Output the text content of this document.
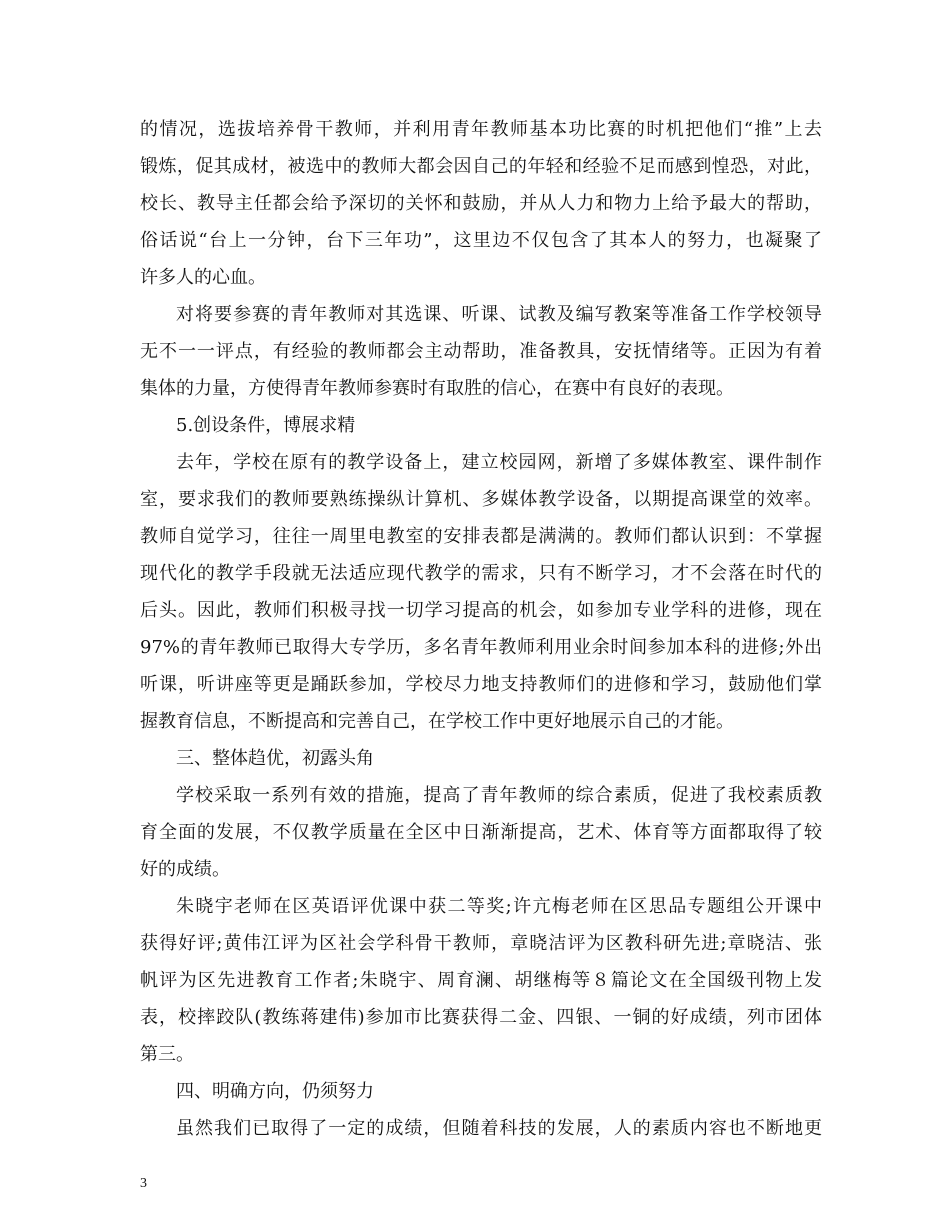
的情况，选拔培养骨干教师，并利用青年教师基本功比赛的时机把他们“推”上去
锻炼，促其成材，被选中的教师大都会因自己的年轻和经验不足而感到惶恐，对此，
校长、教导主任都会给予深切的关怀和鼓励，并从人力和物力上给予最大的帮助，
俗话说“台上一分钟，台下三年功”，这里边不仅包含了其本人的努力，也凝聚了
许多人的心血。
对将要参赛的青年教师对其选课、听课、试教及编写教案等准备工作学校领导
无不一一评点，有经验的教师都会主动帮助，准备教具，安抚情绪等。正因为有着
集体的力量，方使得青年教师参赛时有取胜的信心，在赛中有良好的表现。
5.创设条件，博展求精
去年，学校在原有的教学设备上，建立校园网，新增了多媒体教室、课件制作
室，要求我们的教师要熟练操纵计算机、多媒体教学设备，以期提高课堂的效率。
教师自觉学习，往往一周里电教室的安排表都是满满的。教师们都认识到：不掌握
现代化的教学手段就无法适应现代教学的需求，只有不断学习，才不会落在时代的
后头。因此，教师们积极寻找一切学习提高的机会，如参加专业学科的进修，现在
97%的青年教师已取得大专学历，多名青年教师利用业余时间参加本科的进修;外出
听课，听讲座等更是踊跃参加，学校尽力地支持教师们的进修和学习，鼓励他们掌
握教育信息，不断提高和完善自己，在学校工作中更好地展示自己的才能。
三、整体趋优，初露头角
学校采取一系列有效的措施，提高了青年教师的综合素质，促进了我校素质教
育全面的发展，不仅教学质量在全区中日渐渐提高，艺术、体育等方面都取得了较
好的成绩。
朱晓宇老师在区英语评优课中获二等奖;许亢梅老师在区思品专题组公开课中
获得好评;黄伟江评为区社会学科骨干教师，章晓洁评为区教科研先进;章晓洁、张
帆评为区先进教育工作者;朱晓宇、周育澜、胡继梅等８篇论文在全国级刊物上发
表，校摔跤队(教练蒋建伟)参加市比赛获得二金、四银、一铜的好成绩，列市团体
第三。
四、明确方向，仍须努力
虽然我们已取得了一定的成绩，但随着科技的发展，人的素质内容也不断地更
3
